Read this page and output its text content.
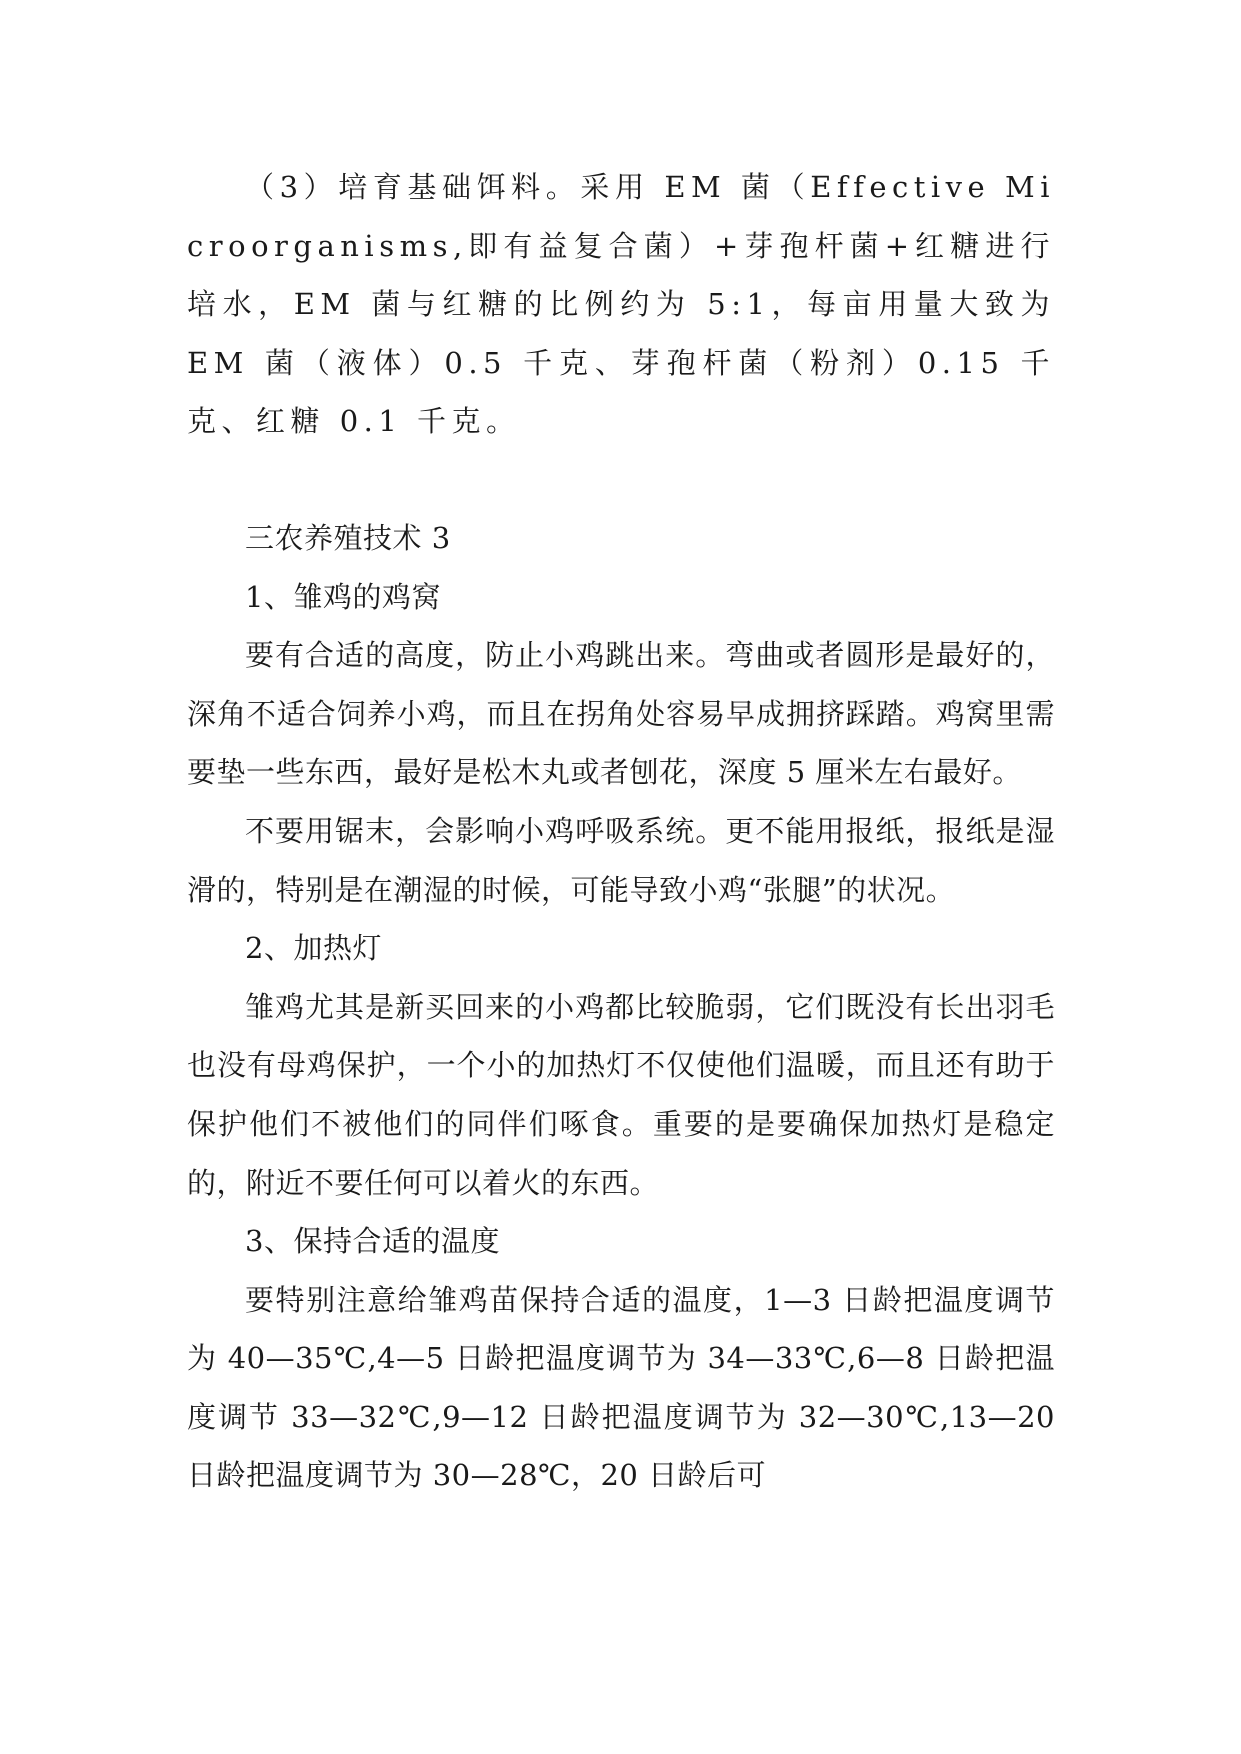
（3）培育基础饵料。采用 EM 菌（Effective Microorganisms,即有益复合菌）+芽孢杆菌+红糖进行培水，EM 菌与红糖的比例约为 5:1，每亩用量大致为 EM 菌（液体）0.5 千克、芽孢杆菌（粉剂）0.15 千克、红糖 0.1 千克。

三农养殖技术 3

1、雏鸡的鸡窝

要有合适的高度，防止小鸡跳出来。弯曲或者圆形是最好的，深角不适合饲养小鸡，而且在拐角处容易早成拥挤踩踏。鸡窝里需要垫一些东西，最好是松木丸或者刨花，深度 5 厘米左右最好。

不要用锯末，会影响小鸡呼吸系统。更不能用报纸，报纸是湿滑的，特别是在潮湿的时候，可能导致小鸡“张腿”的状况。

2、加热灯

雏鸡尤其是新买回来的小鸡都比较脆弱，它们既没有长出羽毛也没有母鸡保护，一个小的加热灯不仅使他们温暖，而且还有助于保护他们不被他们的同伴们啄食。重要的是要确保加热灯是稳定的，附近不要任何可以着火的东西。

3、保持合适的温度

要特别注意给雏鸡苗保持合适的温度，1—3 日龄把温度调节为 40—35℃,4—5 日龄把温度调节为 34—33℃,6—8 日龄把温度调节 33—32℃,9—12 日龄把温度调节为 32—30℃,13—20 日龄把温度调节为 30—28℃，20 日龄后可
